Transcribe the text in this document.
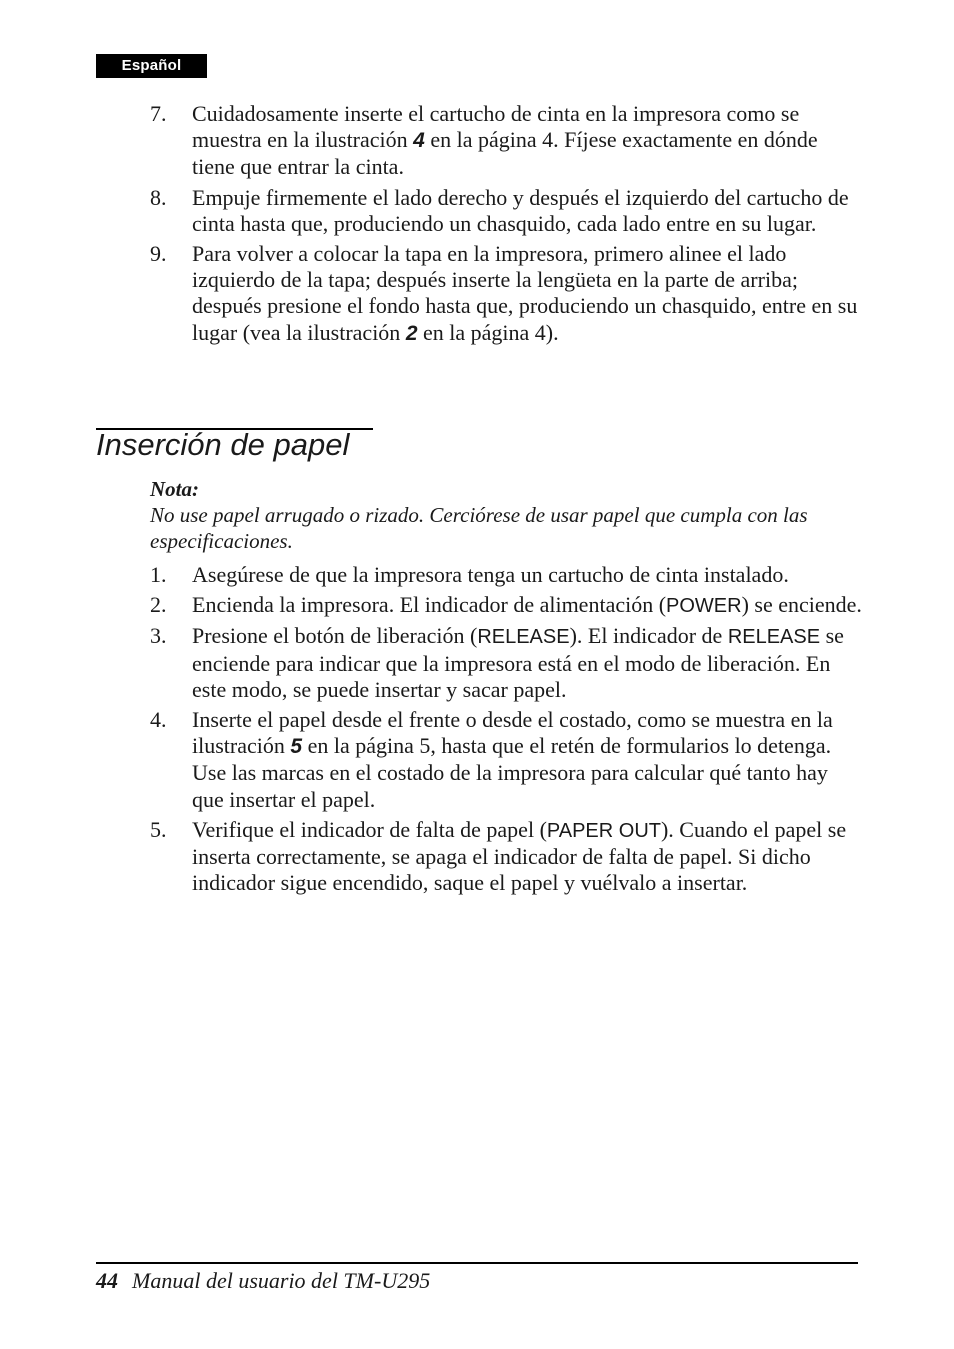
Español
7.	Cuidadosamente inserte el cartucho de cinta en la impresora como se muestra en la ilustración 4 en la página 4. Fíjese exactamente en dónde tiene que entrar la cinta.
8.	Empuje firmemente el lado derecho y después el izquierdo del cartucho de cinta hasta que, produciendo un chasquido, cada lado entre en su lugar.
9.	Para volver a colocar la tapa en la impresora, primero alinee el lado izquierdo de la tapa; después inserte la lengüeta en la parte de arriba; después presione el fondo hasta que, produciendo un chasquido, entre en su lugar (vea la ilustración 2 en la página 4).
Inserción de papel
Nota:
No use papel arrugado o rizado. Cerciórese de usar papel que cumpla con las especificaciones.
1.	Asegúrese de que la impresora tenga un cartucho de cinta instalado.
2.	Encienda la impresora. El indicador de alimentación (POWER) se enciende.
3.	Presione el botón de liberación (RELEASE). El indicador de RELEASE se enciende para indicar que la impresora está en el modo de liberación. En este modo, se puede insertar y sacar papel.
4.	Inserte el papel desde el frente o desde el costado, como se muestra en la ilustración 5 en la página 5, hasta que el retén de formularios lo detenga. Use las marcas en el costado de la impresora para calcular qué tanto hay que insertar el papel.
5.	Verifique el indicador de falta de papel (PAPER OUT). Cuando el papel se inserta correctamente, se apaga el indicador de falta de papel. Si dicho indicador sigue encendido, saque el papel y vuélvalo a insertar.
44 Manual del usuario del TM-U295
